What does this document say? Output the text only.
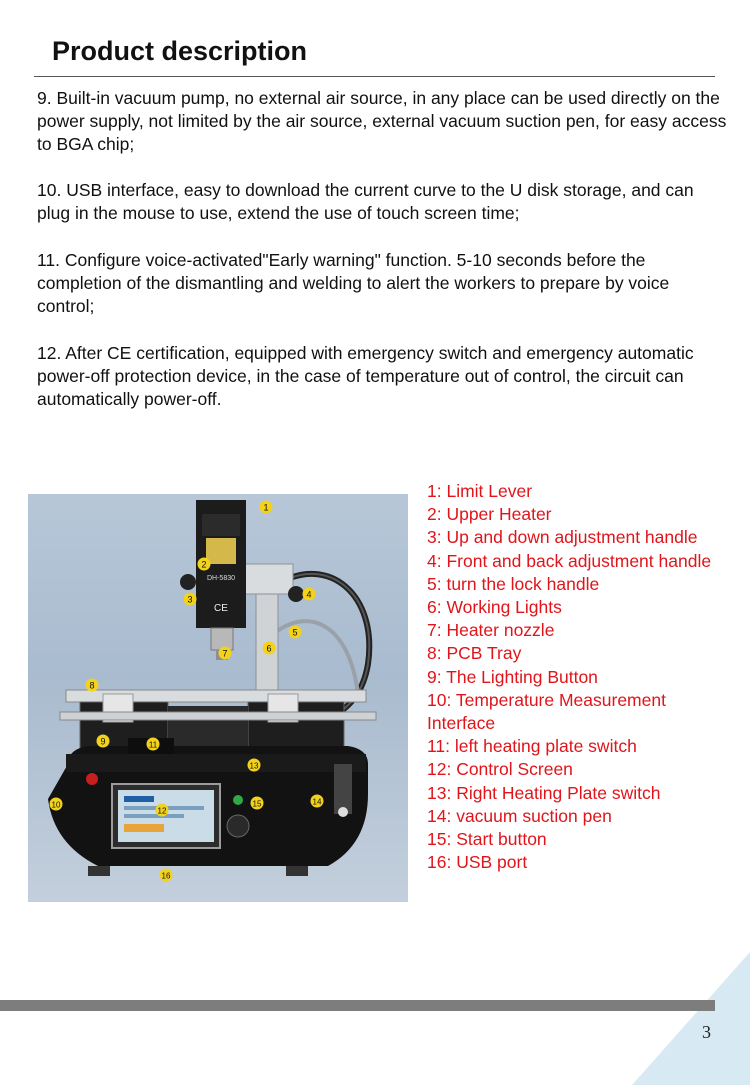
Product description

9. Built-in vacuum pump, no external air source, in any place can be used directly on the power supply, not limited by the air source, external vacuum suction pen, for easy access to BGA chip;

10. USB interface, easy to download the current curve to the U disk storage, and can plug in the mouse to use, extend the use of touch screen time;

11. Configure voice-activated"Early warning" function. 5-10 seconds before the completion of the dismantling and welding to alert the workers to prepare by voice control;

12. After CE certification, equipped with emergency switch and emergency automatic power-off protection device, in the case of temperature out of control, the circuit can automatically power-off.

DH-5830
CE
1
2
3	4
5
6
7
8
9
10
11
12
13
14
15
16

1: Limit Lever

2: Upper Heater

3: Up and down adjustment handle

4: Front and back adjustment handle

5: turn the lock handle

6: Working Lights

7: Heater nozzle

8: PCB Tray

9: The Lighting Button

10: Temperature Measurement Interface

11: left heating plate switch

12: Control Screen

13: Right Heating Plate switch

14: vacuum suction pen

15: Start button

16: USB port

3
